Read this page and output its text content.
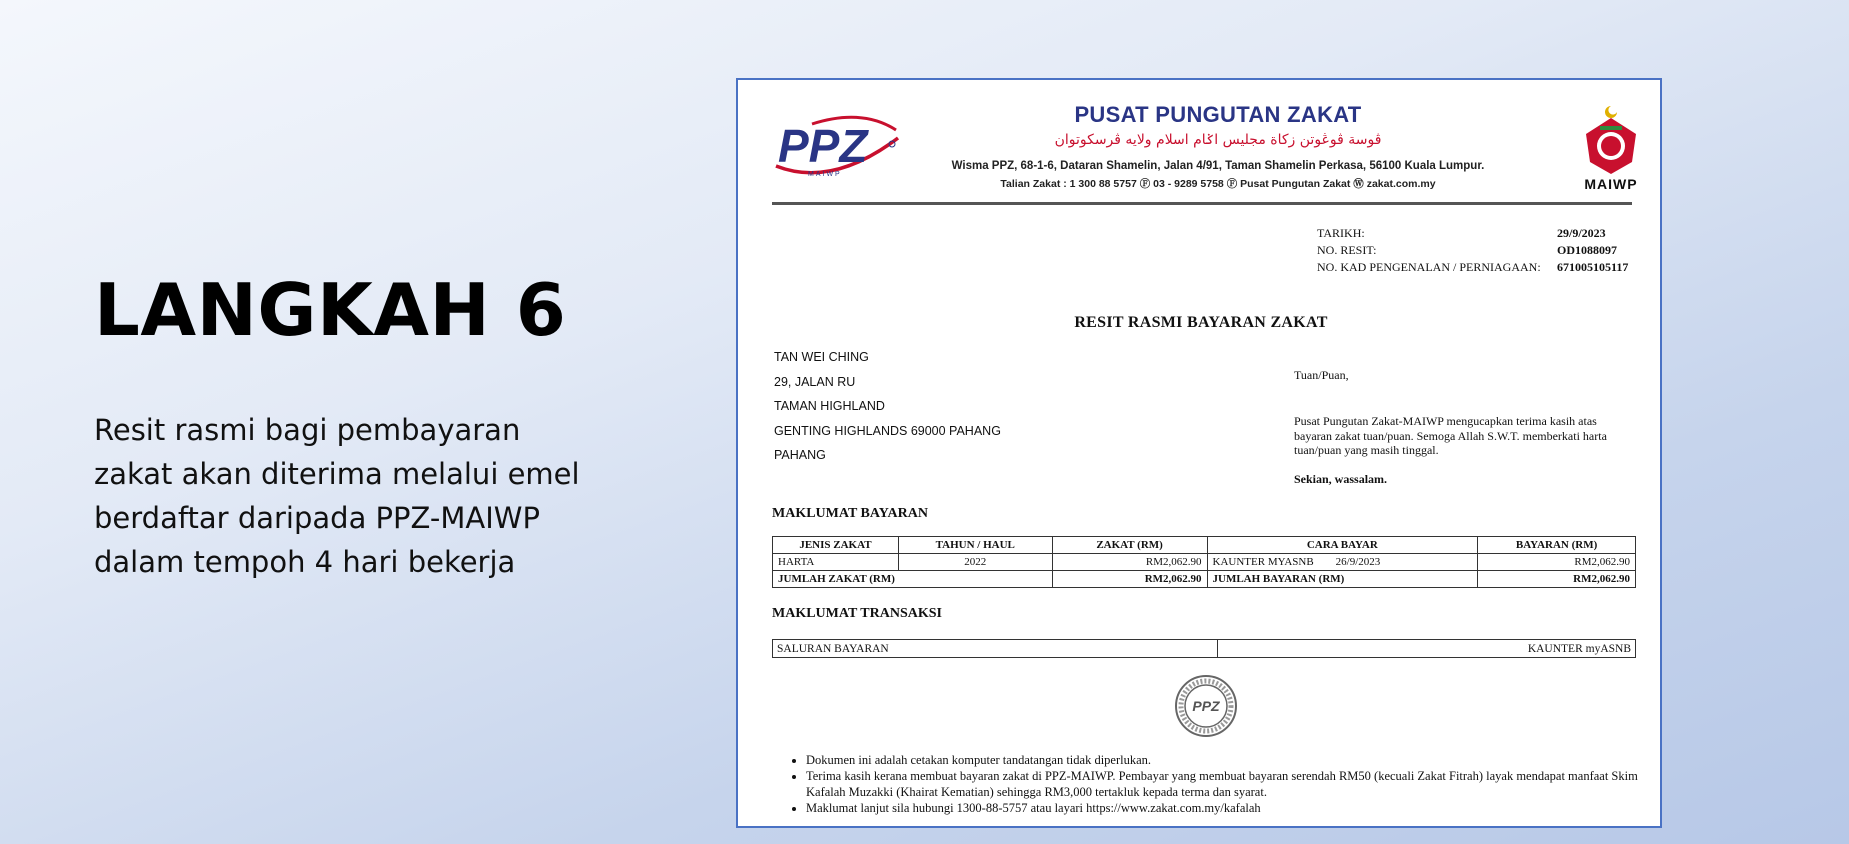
LANGKAH 6
Resit rasmi bagi pembayaran
zakat akan diterima melalui emel
berdaftar daripada PPZ-MAIWP
dalam tempoh 4 hari bekerja
PPZ
MAIWP
PUSAT PUNGUTAN ZAKAT
ڤوسة ڤوڠوتن زكاة مجليس اݢام اسلام ولايه ڤرسكوتوان
Wisma PPZ, 68-1-6, Dataran Shamelin, Jalan 4/91, Taman Shamelin Perkasa, 56100 Kuala Lumpur.
Talian Zakat : 1 300 88 5757 Ⓕ 03 - 9289 5758 Ⓕ Pusat Pungutan Zakat Ⓦ zakat.com.my	MAIWP
TARIKH:	29/9/2023
NO. RESIT:	OD1088097
NO. KAD PENGENALAN / PERNIAGAAN: 671005105117
RESIT RASMI BAYARAN ZAKAT
TAN WEI CHING
29, JALAN RU
TAMAN HIGHLAND
GENTING HIGHLANDS 69000 PAHANG
PAHANG
Tuan/Puan,
Pusat Pungutan Zakat-MAIWP mengucapkan terima kasih atas bayaran zakat tuan/puan. Semoga Allah S.W.T. memberkati harta tuan/puan yang masih tinggal.
Sekian, wassalam.
MAKLUMAT BAYARAN
JENIS ZAKAT	TAHUN / HAUL	ZAKAT (RM)	CARA BAYAR	BAYARAN (RM)
HARTA	2022	RM2,062.90	KAUNTER MYASNB 26/9/2023	RM2,062.90
JUMLAH ZAKAT (RM)		RM2,062.90	JUMLAH BAYARAN (RM)	RM2,062.90
MAKLUMAT TRANSAKSI
SALURAN BAYARAN	KAUNTER myASNB
PPZ
• Dokumen ini adalah cetakan komputer tandatangan tidak diperlukan.
• Terima kasih kerana membuat bayaran zakat di PPZ-MAIWP. Pembayar yang membuat bayaran serendah RM50 (kecuali Zakat Fitrah) layak mendapat manfaat Skim Kafalah Muzakki (Khairat Kematian) sehingga RM3,000 tertakluk kepada terma dan syarat.
• Maklumat lanjut sila hubungi 1300-88-5757 atau layari https://www.zakat.com.my/kafalah
